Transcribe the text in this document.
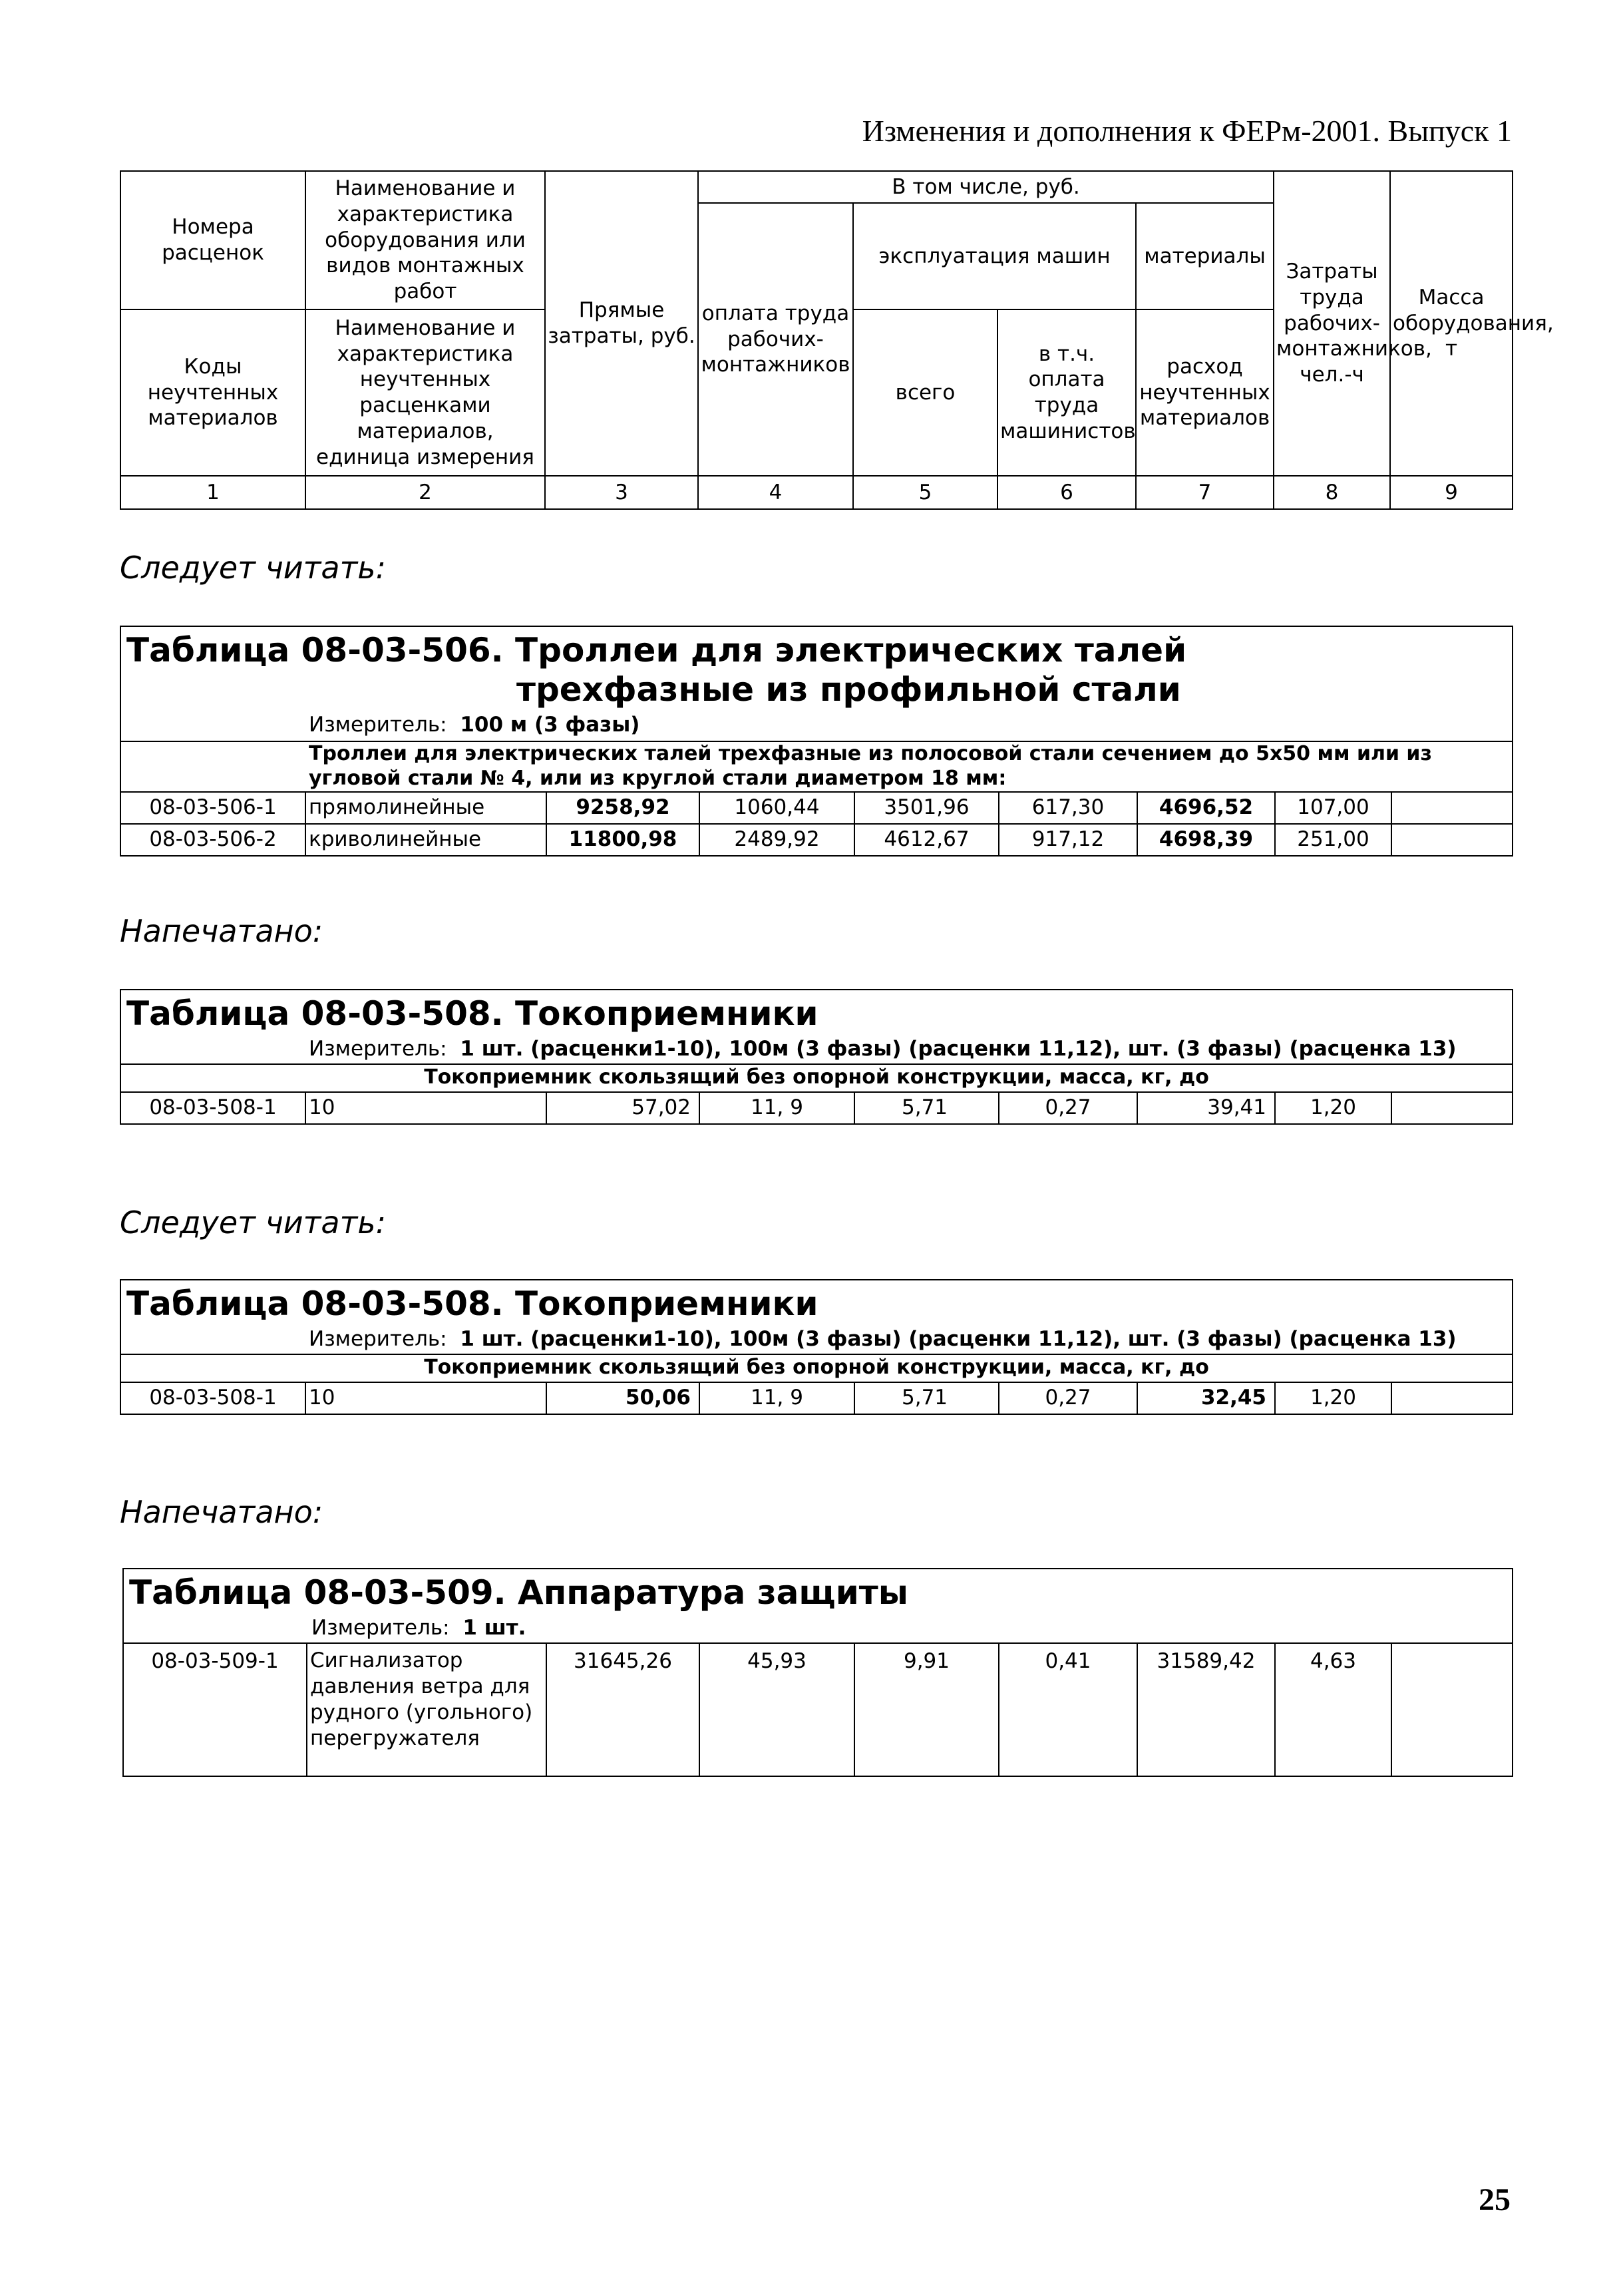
Изменения и дополнения к ФЕРм-2001. Выпуск 1
Номера расценок	Наименование и характеристика оборудования или видов монтажных работ	Прямые затраты, руб.	В том числе, руб.				Затраты труда рабочих-монтажников, чел.-ч	Масса оборудования, т
			оплата труда рабочих-монтажников	эксплуатация машин		материалы		
				всего	в т.ч. оплата труда машинистов	расход неучтенных материалов		
Коды неучтенных материалов	Наименование и характеристика неучтенных расценками материалов, единица измерения							
1	2	3	4	5	6	7	8	9
Следует читать:
Таблица 08-03-506. Троллеи для электрических талей
трехфазные из профильной стали
Измеритель: 100 м (3 фазы)								

Троллеи для электрических талей трехфазные из полосовой стали сечением до 5х50 мм или из угловой стали № 4, или из круглой стали диаметром 18 мм:								
08-03-506-1	прямолинейные	9258,92	1060,44	3501,96	617,30	4696,52	107,00	
08-03-506-2	криволинейные	11800,98	2489,92	4612,67	917,12	4698,39	251,00	
Напечатано:
Таблица 08-03-508. Токоприемники
Измеритель: 1 шт. (расценки1-10), 100м (3 фазы) (расценки 11,12), шт. (3 фазы) (расценка 13)

Токоприемник скользящий без опорной конструкции, масса, кг, до
08-03-508-1	10	57,02	11, 9	5,71	0,27	39,41	1,20	
Следует читать:
Таблица 08-03-508. Токоприемники
Измеритель: 1 шт. (расценки1-10), 100м (3 фазы) (расценки 11,12), шт. (3 фазы) (расценка 13)

Токоприемник скользящий без опорной конструкции, масса, кг, до
08-03-508-1	10	50,06	11, 9	5,71	0,27	32,45	1,20	
Напечатано:
Таблица 08-03-509. Аппаратура защиты
Измеритель: 1 шт.

08-03-509-1	Сигнализатор давления ветра для рудного (угольного) перегружателя	31645,26	45,93	9,91	0,41	31589,42	4,63	
25
